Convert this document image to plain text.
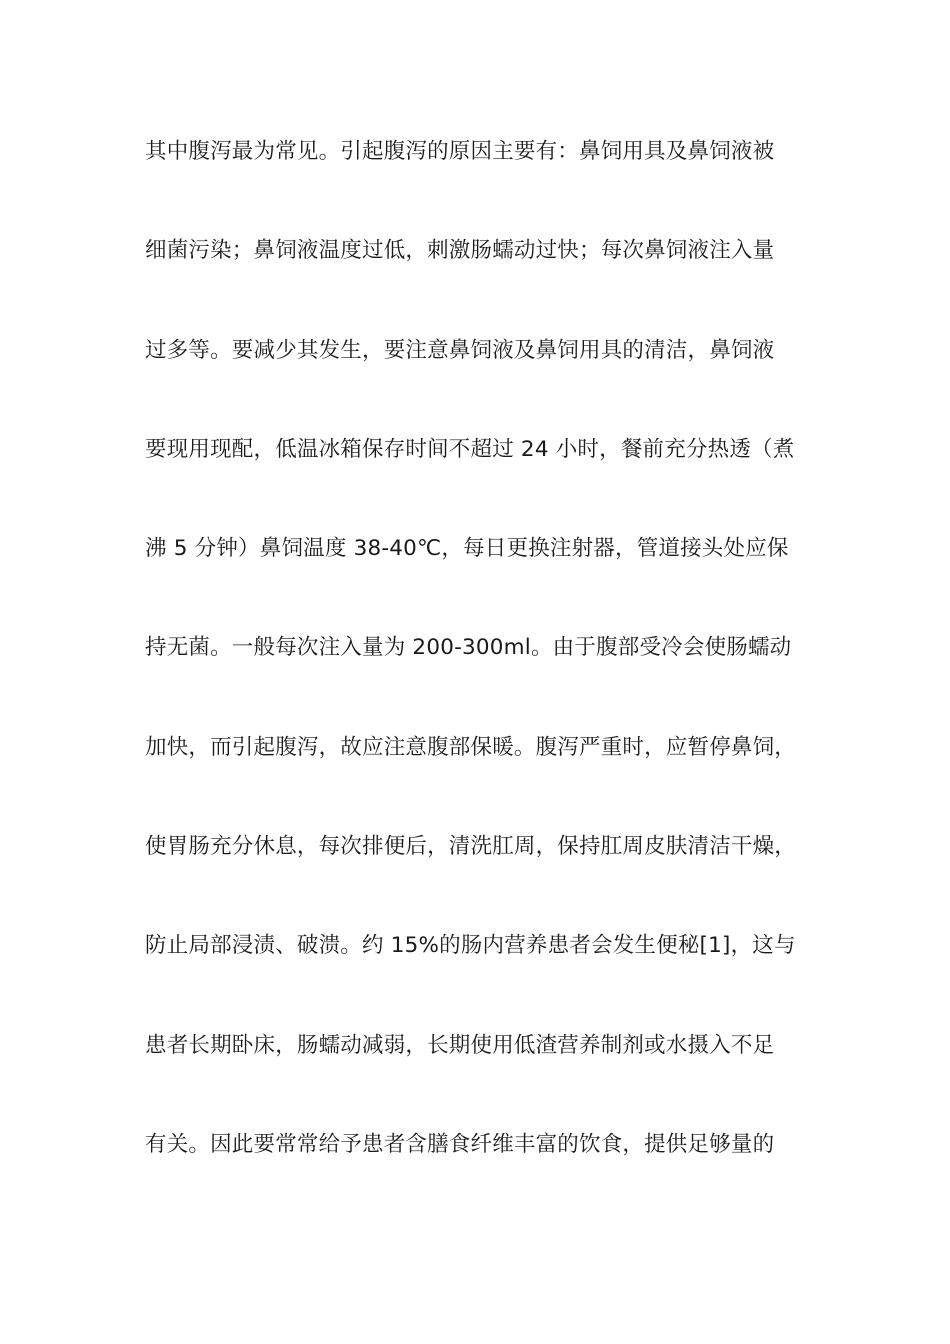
其中腹泻最为常见。引起腹泻的原因主要有：鼻饲用具及鼻饲液被
细菌污染；鼻饲液温度过低，刺激肠蠕动过快；每次鼻饲液注入量
过多等。要减少其发生，要注意鼻饲液及鼻饲用具的清洁，鼻饲液
要现用现配，低温冰箱保存时间不超过 24 小时，餐前充分热透（煮
沸 5 分钟）鼻饲温度 38-40℃，每日更换注射器，管道接头处应保
持无菌。一般每次注入量为 200-300ml。由于腹部受冷会使肠蠕动
加快，而引起腹泻，故应注意腹部保暖。腹泻严重时，应暂停鼻饲，
使胃肠充分休息，每次排便后，清洗肛周，保持肛周皮肤清洁干燥，
防止局部浸渍、破溃。约 15%的肠内营养患者会发生便秘[1]，这与
患者长期卧床，肠蠕动减弱，长期使用低渣营养制剂或水摄入不足
有关。因此要常常给予患者含膳食纤维丰富的饮食，提供足够量的
